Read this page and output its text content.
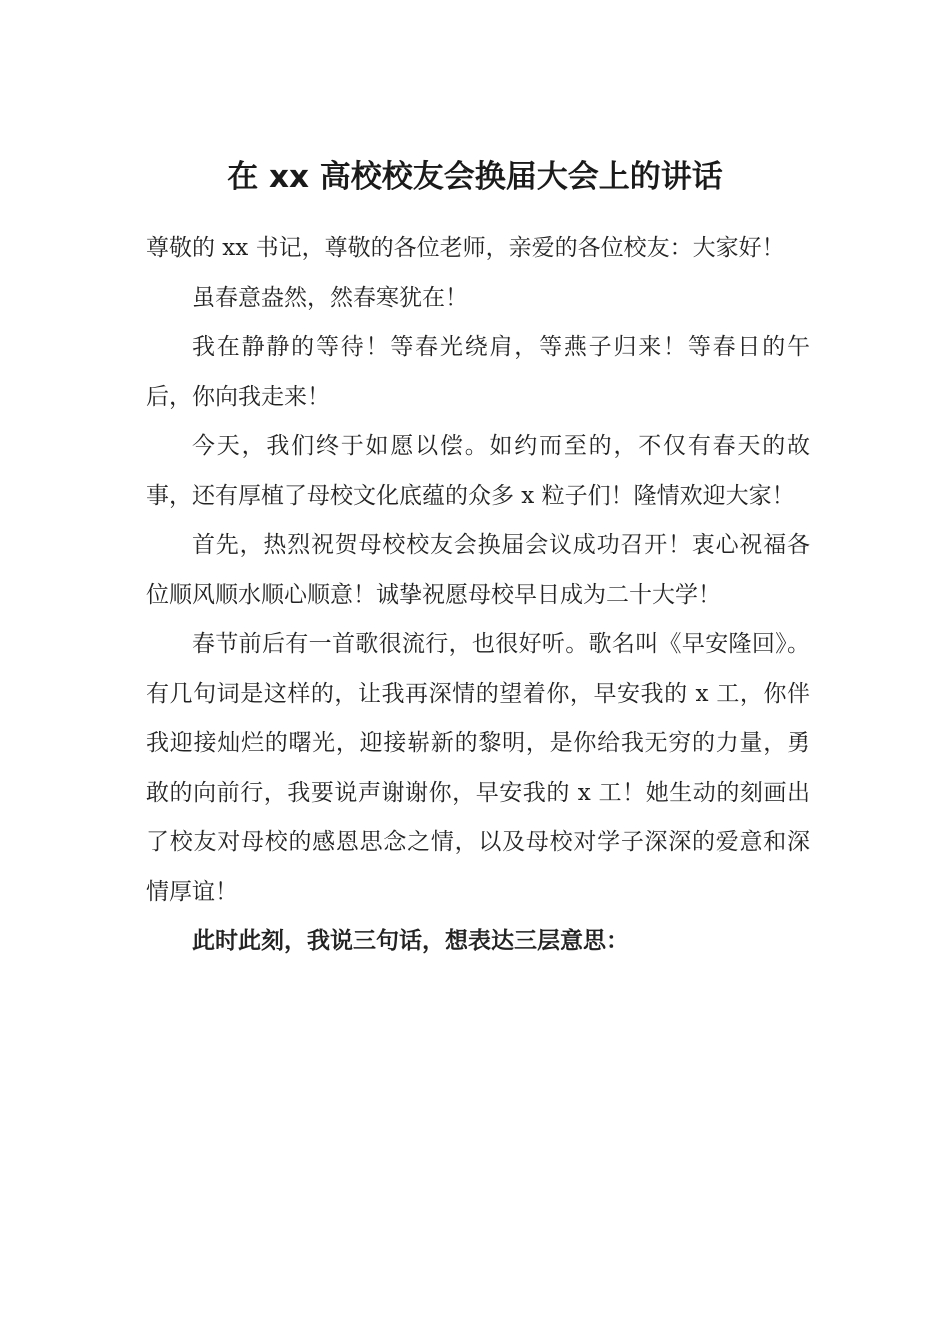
在 xx 高校校友会换届大会上的讲话

尊敬的 xx 书记，尊敬的各位老师，亲爱的各位校友：大家好！

虽春意盎然，然春寒犹在！

我在静静的等待！等春光绕肩，等燕子归来！等春日的午后，你向我走来！

今天，我们终于如愿以偿。如约而至的，不仅有春天的故事，还有厚植了母校文化底蕴的众多 x 粒子们！隆情欢迎大家！

首先，热烈祝贺母校校友会换届会议成功召开！衷心祝福各位顺风顺水顺心顺意！诚挚祝愿母校早日成为二十大学！

春节前后有一首歌很流行，也很好听。歌名叫《早安隆回》。有几句词是这样的，让我再深情的望着你，早安我的 x 工，你伴我迎接灿烂的曙光，迎接崭新的黎明，是你给我无穷的力量，勇敢的向前行，我要说声谢谢你，早安我的 x 工！她生动的刻画出了校友对母校的感恩思念之情，以及母校对学子深深的爱意和深情厚谊！

此时此刻，我说三句话，想表达三层意思：
